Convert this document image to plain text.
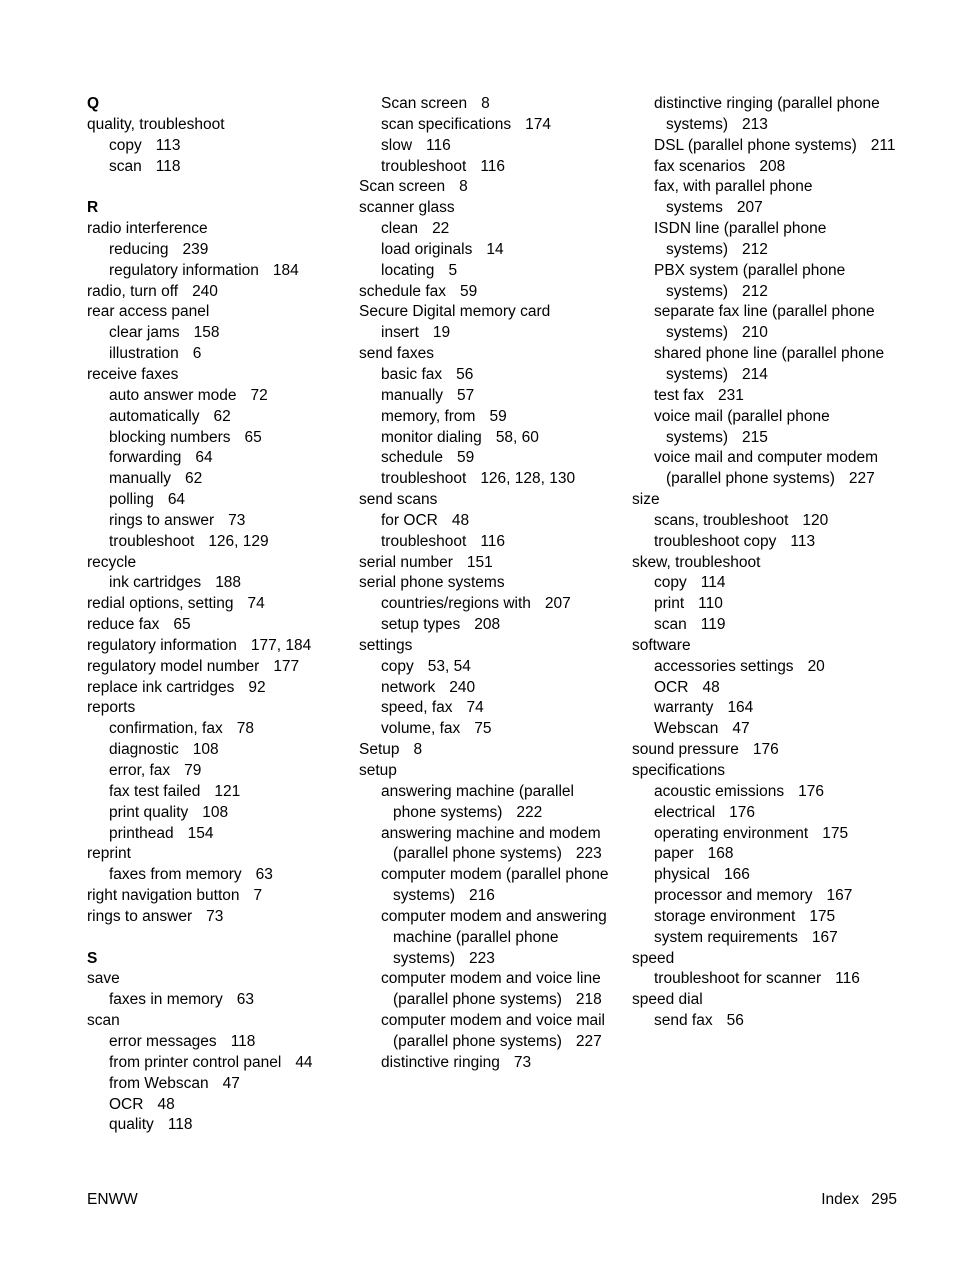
Q
quality, troubleshoot
copy 113
scan 118
R
radio interference
reducing 239
regulatory information 184
radio, turn off 240
rear access panel
clear jams 158
illustration 6
receive faxes
auto answer mode 72
automatically 62
blocking numbers 65
forwarding 64
manually 62
polling 64
rings to answer 73
troubleshoot 126, 129
recycle
ink cartridges 188
redial options, setting 74
reduce fax 65
regulatory information 177, 184
regulatory model number 177
replace ink cartridges 92
reports
confirmation, fax 78
diagnostic 108
error, fax 79
fax test failed 121
print quality 108
printhead 154
reprint
faxes from memory 63
right navigation button 7
rings to answer 73
S
save
faxes in memory 63
scan
error messages 118
from printer control panel 44
from Webscan 47
OCR 48
quality 118
Scan screen 8
scan specifications 174
slow 116
troubleshoot 116
Scan screen 8
scanner glass
clean 22
load originals 14
locating 5
schedule fax 59
Secure Digital memory card
insert 19
send faxes
basic fax 56
manually 57
memory, from 59
monitor dialing 58, 60
schedule 59
troubleshoot 126, 128, 130
send scans
for OCR 48
troubleshoot 116
serial number 151
serial phone systems
countries/regions with 207
setup types 208
settings
copy 53, 54
network 240
speed, fax 74
volume, fax 75
Setup 8
setup
answering machine (parallel phone systems) 222
answering machine and modem (parallel phone systems) 223
computer modem (parallel phone systems) 216
computer modem and answering machine (parallel phone systems) 223
computer modem and voice line (parallel phone systems) 218
computer modem and voice mail (parallel phone systems) 227
distinctive ringing 73
distinctive ringing (parallel phone systems) 213
DSL (parallel phone systems) 211
fax scenarios 208
fax, with parallel phone systems 207
ISDN line (parallel phone systems) 212
PBX system (parallel phone systems) 212
separate fax line (parallel phone systems) 210
shared phone line (parallel phone systems) 214
test fax 231
voice mail (parallel phone systems) 215
voice mail and computer modem (parallel phone systems) 227
size
scans, troubleshoot 120
troubleshoot copy 113
skew, troubleshoot
copy 114
print 110
scan 119
software
accessories settings 20
OCR 48
warranty 164
Webscan 47
sound pressure 176
specifications
acoustic emissions 176
electrical 176
operating environment 175
paper 168
physical 166
processor and memory 167
storage environment 175
system requirements 167
speed
troubleshoot for scanner 116
speed dial
send fax 56
ENWW	Index 295
